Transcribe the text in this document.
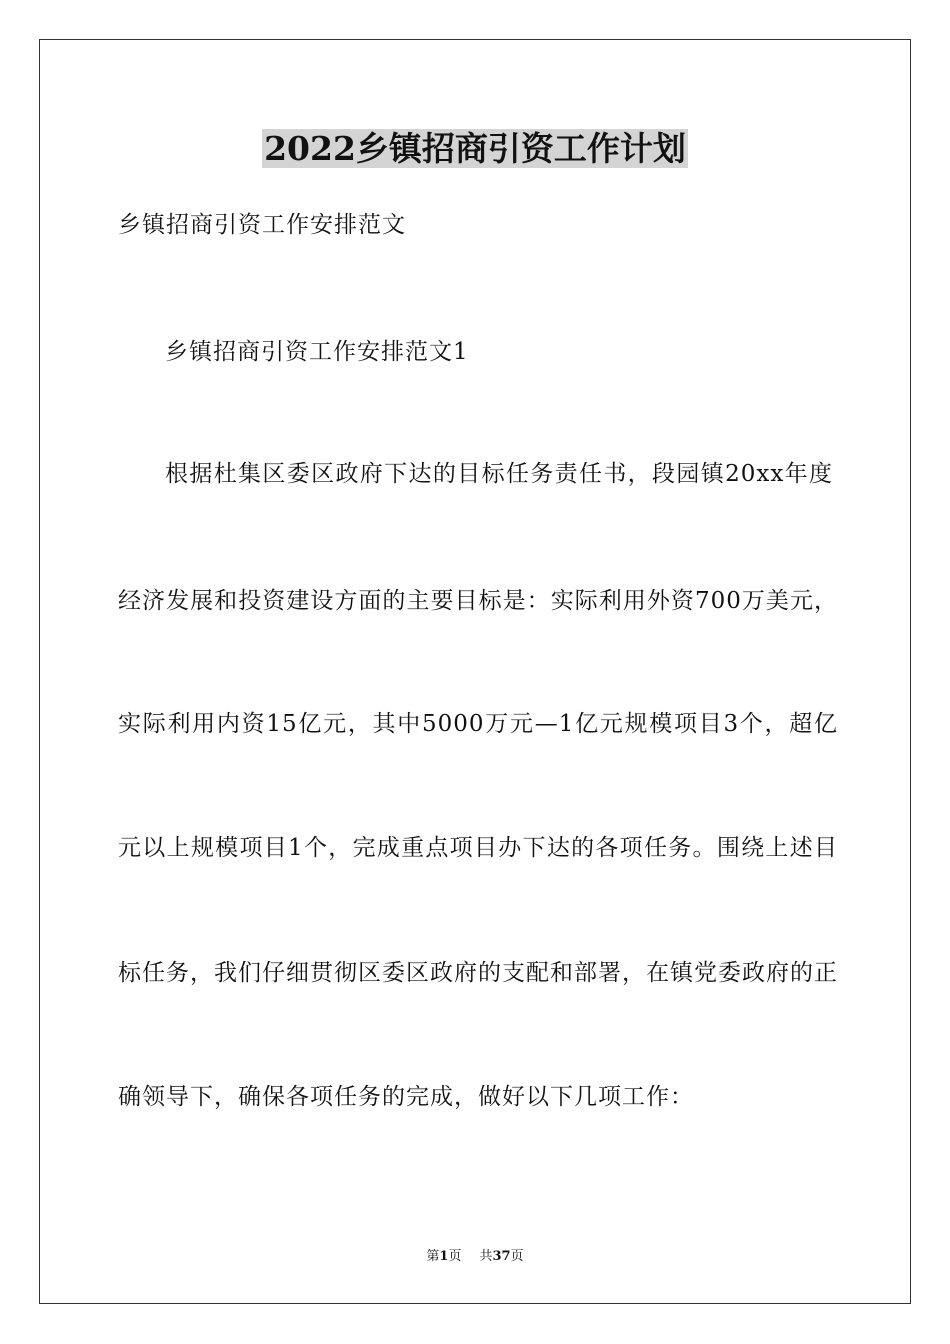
2022乡镇招商引资工作计划
乡镇招商引资工作安排范文
乡镇招商引资工作安排范文1
根据杜集区委区政府下达的目标任务责任书，段园镇20xx年度
经济发展和投资建设方面的主要目标是：实际利用外资700万美元，
实际利用内资15亿元，其中5000万元—1亿元规模项目3个，超亿
元以上规模项目1个，完成重点项目办下达的各项任务。围绕上述目
标任务，我们仔细贯彻区委区政府的支配和部署，在镇党委政府的正
确领导下，确保各项任务的完成，做好以下几项工作：
第1页 共37页
